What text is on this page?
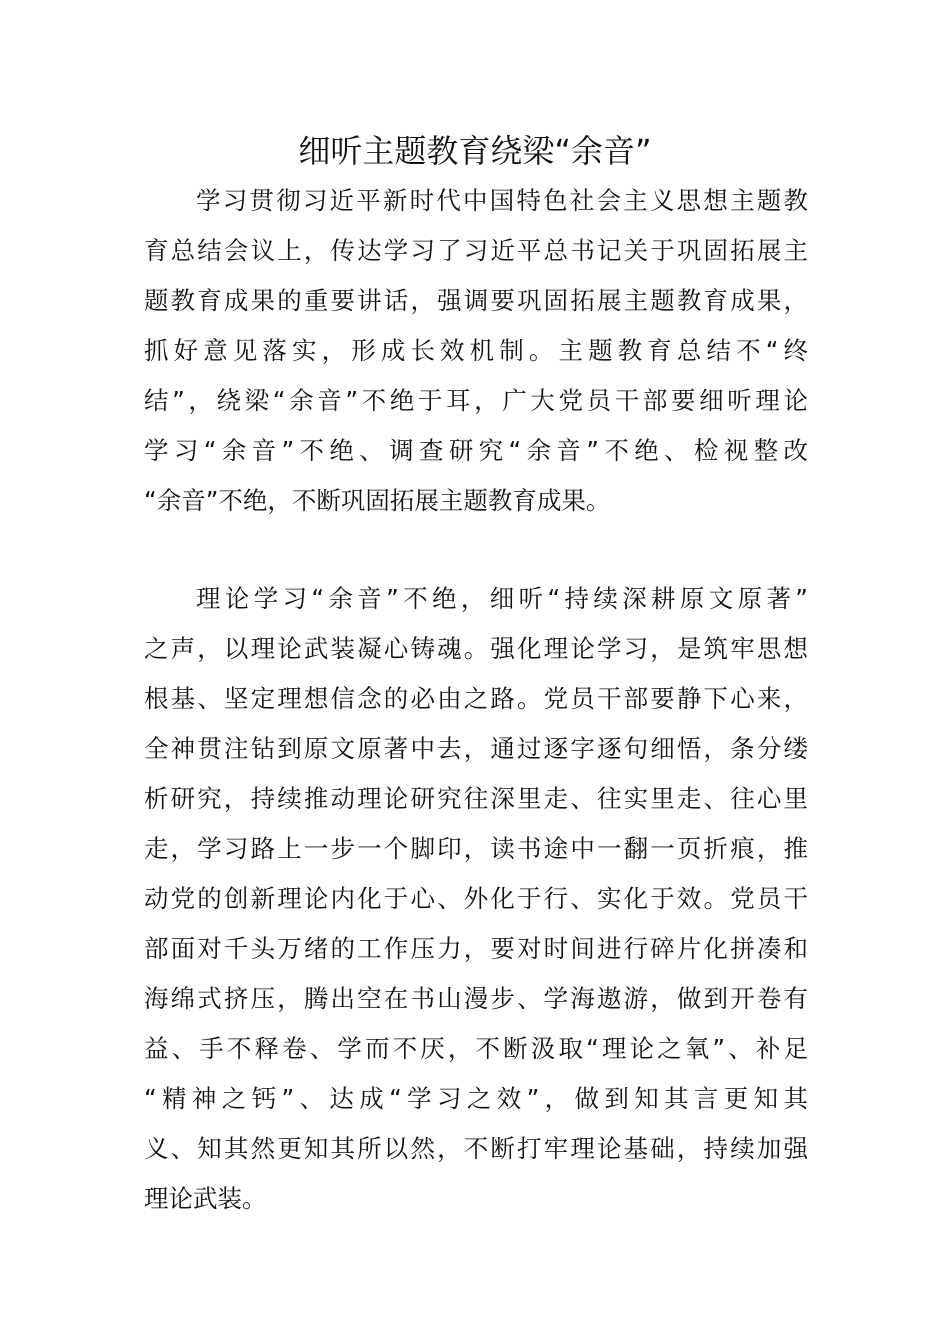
细听主题教育绕梁“余音”
学习贯彻习近平新时代中国特色社会主义思想主题教
育总结会议上，传达学习了习近平总书记关于巩固拓展主
题教育成果的重要讲话，强调要巩固拓展主题教育成果，
抓好意见落实，形成长效机制。主题教育总结不“终
结”，绕梁“余音”不绝于耳，广大党员干部要细听理论
学习“余音”不绝、调查研究“余音”不绝、检视整改
“余音”不绝，不断巩固拓展主题教育成果。
理论学习“余音”不绝，细听“持续深耕原文原著”
之声，以理论武装凝心铸魂。强化理论学习，是筑牢思想
根基、坚定理想信念的必由之路。党员干部要静下心来，
全神贯注钻到原文原著中去，通过逐字逐句细悟，条分缕
析研究，持续推动理论研究往深里走、往实里走、往心里
走，学习路上一步一个脚印，读书途中一翻一页折痕，推
动党的创新理论内化于心、外化于行、实化于效。党员干
部面对千头万绪的工作压力，要对时间进行碎片化拼凑和
海绵式挤压，腾出空在书山漫步、学海遨游，做到开卷有
益、手不释卷、学而不厌，不断汲取“理论之氧”、补足
“精神之钙”、达成“学习之效”，做到知其言更知其
义、知其然更知其所以然，不断打牢理论基础，持续加强
理论武装。
